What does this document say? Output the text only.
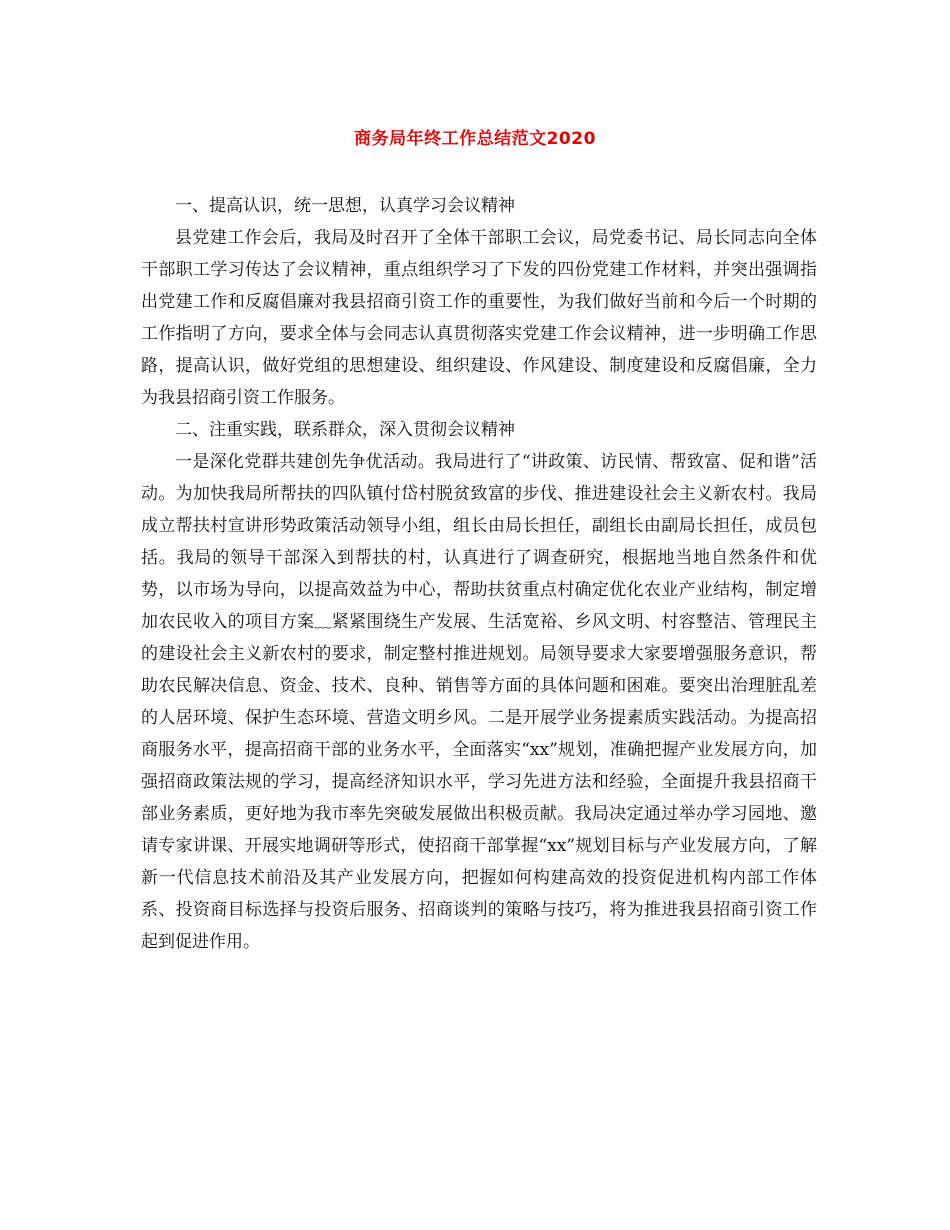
商务局年终工作总结范文2020

一、提高认识，统一思想，认真学习会议精神

县党建工作会后，我局及时召开了全体干部职工会议，局党委书记、局长同志向全体干部职工学习传达了会议精神，重点组织学习了下发的四份党建工作材料，并突出强调指出党建工作和反腐倡廉对我县招商引资工作的重要性，为我们做好当前和今后一个时期的工作指明了方向，要求全体与会同志认真贯彻落实党建工作会议精神，进一步明确工作思路，提高认识，做好党组的思想建设、组织建设、作风建设、制度建设和反腐倡廉，全力为我县招商引资工作服务。

二、注重实践，联系群众，深入贯彻会议精神

一是深化党群共建创先争优活动。我局进行了“讲政策、访民情、帮致富、促和谐”活动。为加快我局所帮扶的四队镇付岱村脱贫致富的步伐、推进建设社会主义新农村。我局成立帮扶村宣讲形势政策活动领导小组，组长由局长担任，副组长由副局长担任，成员包括。我局的领导干部深入到帮扶的村，认真进行了调查研究，根据地当地自然条件和优势，以市场为导向，以提高效益为中心，帮助扶贫重点村确定优化农业产业结构，制定增加农民收入的项目方案﹏紧紧围绕生产发展、生活宽裕、乡风文明、村容整洁、管理民主的建设社会主义新农村的要求，制定整村推进规划。局领导要求大家要增强服务意识，帮助农民解决信息、资金、技术、良种、销售等方面的具体问题和困难。要突出治理脏乱差的人居环境、保护生态环境、营造文明乡风。二是开展学业务提素质实践活动。为提高招商服务水平，提高招商干部的业务水平，全面落实“xx”规划，准确把握产业发展方向，加强招商政策法规的学习，提高经济知识水平，学习先进方法和经验，全面提升我县招商干部业务素质，更好地为我市率先突破发展做出积极贡献。我局决定通过举办学习园地、邀请专家讲课、开展实地调研等形式，使招商干部掌握“xx”规划目标与产业发展方向，了解新一代信息技术前沿及其产业发展方向，把握如何构建高效的投资促进机构内部工作体系、投资商目标选择与投资后服务、招商谈判的策略与技巧，将为推进我县招商引资工作起到促进作用。
